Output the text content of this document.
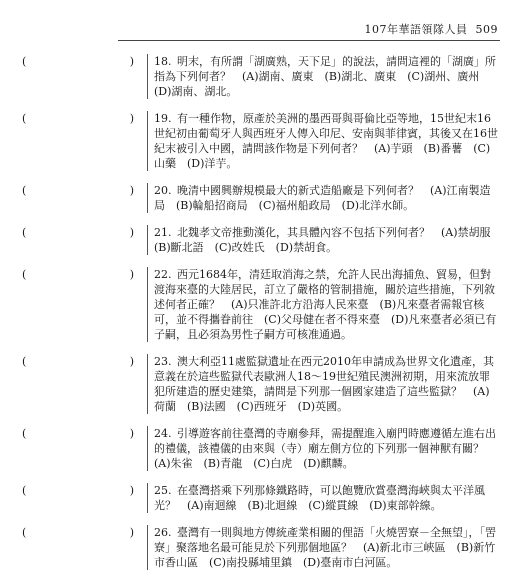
107年華語領隊人員 509
(	) 18. 明末，有所謂「湖廣熟，天下足」的說法，請問這裡的「湖廣」所指為下列何者？　(A)湖南、廣東　(B)湖北、廣東　(C)湖州、廣州　(D)湖南、湖北。
(	) 19. 有一種作物，原產於美洲的墨西哥與哥倫比亞等地，15世紀末16世紀初由葡萄牙人與西班牙人傳入印尼、安南與菲律賓，其後又在16世紀末被引入中國，請問該作物是下列何者？　(A)芋頭　(B)番薯　(C)山藥　(D)洋芋。
(	) 20. 晚清中國興辦規模最大的新式造船廠是下列何者？　(A)江南製造局　(B)輪船招商局　(C)福州船政局　(D)北洋水師。
(	) 21. 北魏孝文帝推動漢化，其具體內容不包括下列何者？　(A)禁胡服　(B)斷北語　(C)改姓氏　(D)禁胡食。
(	) 22. 西元1684年，清廷取消海之禁，允許人民出海捕魚、貿易，但對渡海來臺的大陸居民，訂立了嚴格的管制措施，關於這些措施，下列敘述何者正確？　(A)只准許北方沿海人民來臺　(B)凡來臺者需報官核可，並不得攜眷前往　(C)父母健在者不得來臺　(D)凡來臺者必須已有子嗣，且必須為男性子嗣方可核准通過。
(	) 23. 澳大利亞11處監獄遺址在西元2010年申請成為世界文化遺產，其意義在於這些監獄代表歐洲人18～19世紀殖民澳洲初期，用來流放罪犯所建造的歷史建築，請問是下列那一個國家建造了這些監獄？　(A)荷蘭　(B)法國　(C)西班牙　(D)英國。
(	) 24. 引導遊客前往臺灣的寺廟參拜，需提醒進入廟門時應遵循左進右出的禮儀，該禮儀的由來與（寺）廟左側方位的下列那一個神獸有關？　(A)朱雀　(B)青龍　(C)白虎　(D)麒麟。
(	) 25. 在臺灣搭乘下列那條鐵路時，可以飽覽欣賞臺灣海峽與太平洋風光？　(A)南迴線　(B)北迴線　(C)縱貫線　(D)東部幹線。
(	) 26. 臺灣有一則與地方傳統產業相關的俚語「火燒罟寮－全無望」，「罟寮」聚落地名最可能見於下列那個地區？　(A)新北市三峽區　(B)新竹市香山區　(C)南投縣埔里鎮　(D)臺南市白河區。
